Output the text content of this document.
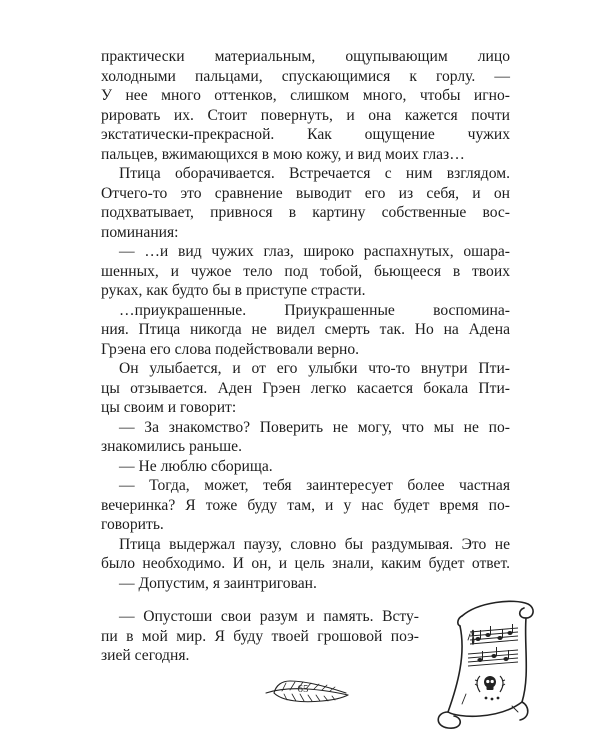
практически материальным, ощупывающим лицо
холодными пальцами, спускающимися к горлу. —
У нее много оттенков, слишком много, чтобы игно-
рировать их. Стоит повернуть, и она кажется почти
экстатически-прекрасной. Как ощущение чужих
пальцев, вжимающихся в мою кожу, и вид моих глаз…
Птица оборачивается. Встречается с ним взглядом.
Отчего-то это сравнение выводит его из себя, и он
подхватывает, привнося в картину собственные вос-
поминания:
— …и вид чужих глаз, широко распахнутых, ошара-
шенных, и чужое тело под тобой, бьющееся в твоих
руках, как будто бы в приступе страсти.
…приукрашенные. Приукрашенные воспомина-
ния. Птица никогда не видел смерть так. Но на Адена
Грэена его слова подействовали верно.
Он улыбается, и от его улыбки что-то внутри Пти-
цы отзывается. Аден Грэен легко касается бокала Пти-
цы своим и говорит:
— За знакомство? Поверить не могу, что мы не по-
знакомились раньше.
— Не люблю сборища.
— Тогда, может, тебя заинтересует более частная
вечеринка? Я тоже буду там, и у нас будет время по-
говорить.
Птица выдержал паузу, словно бы раздумывая. Это не
было необходимо. И он, и цель знали, каким будет ответ.
— Допустим, я заинтригован.
— Опустоши свои разум и память. Всту-
пи в мой мир. Я буду твоей грошовой поэ-
зией сегодня.
65
